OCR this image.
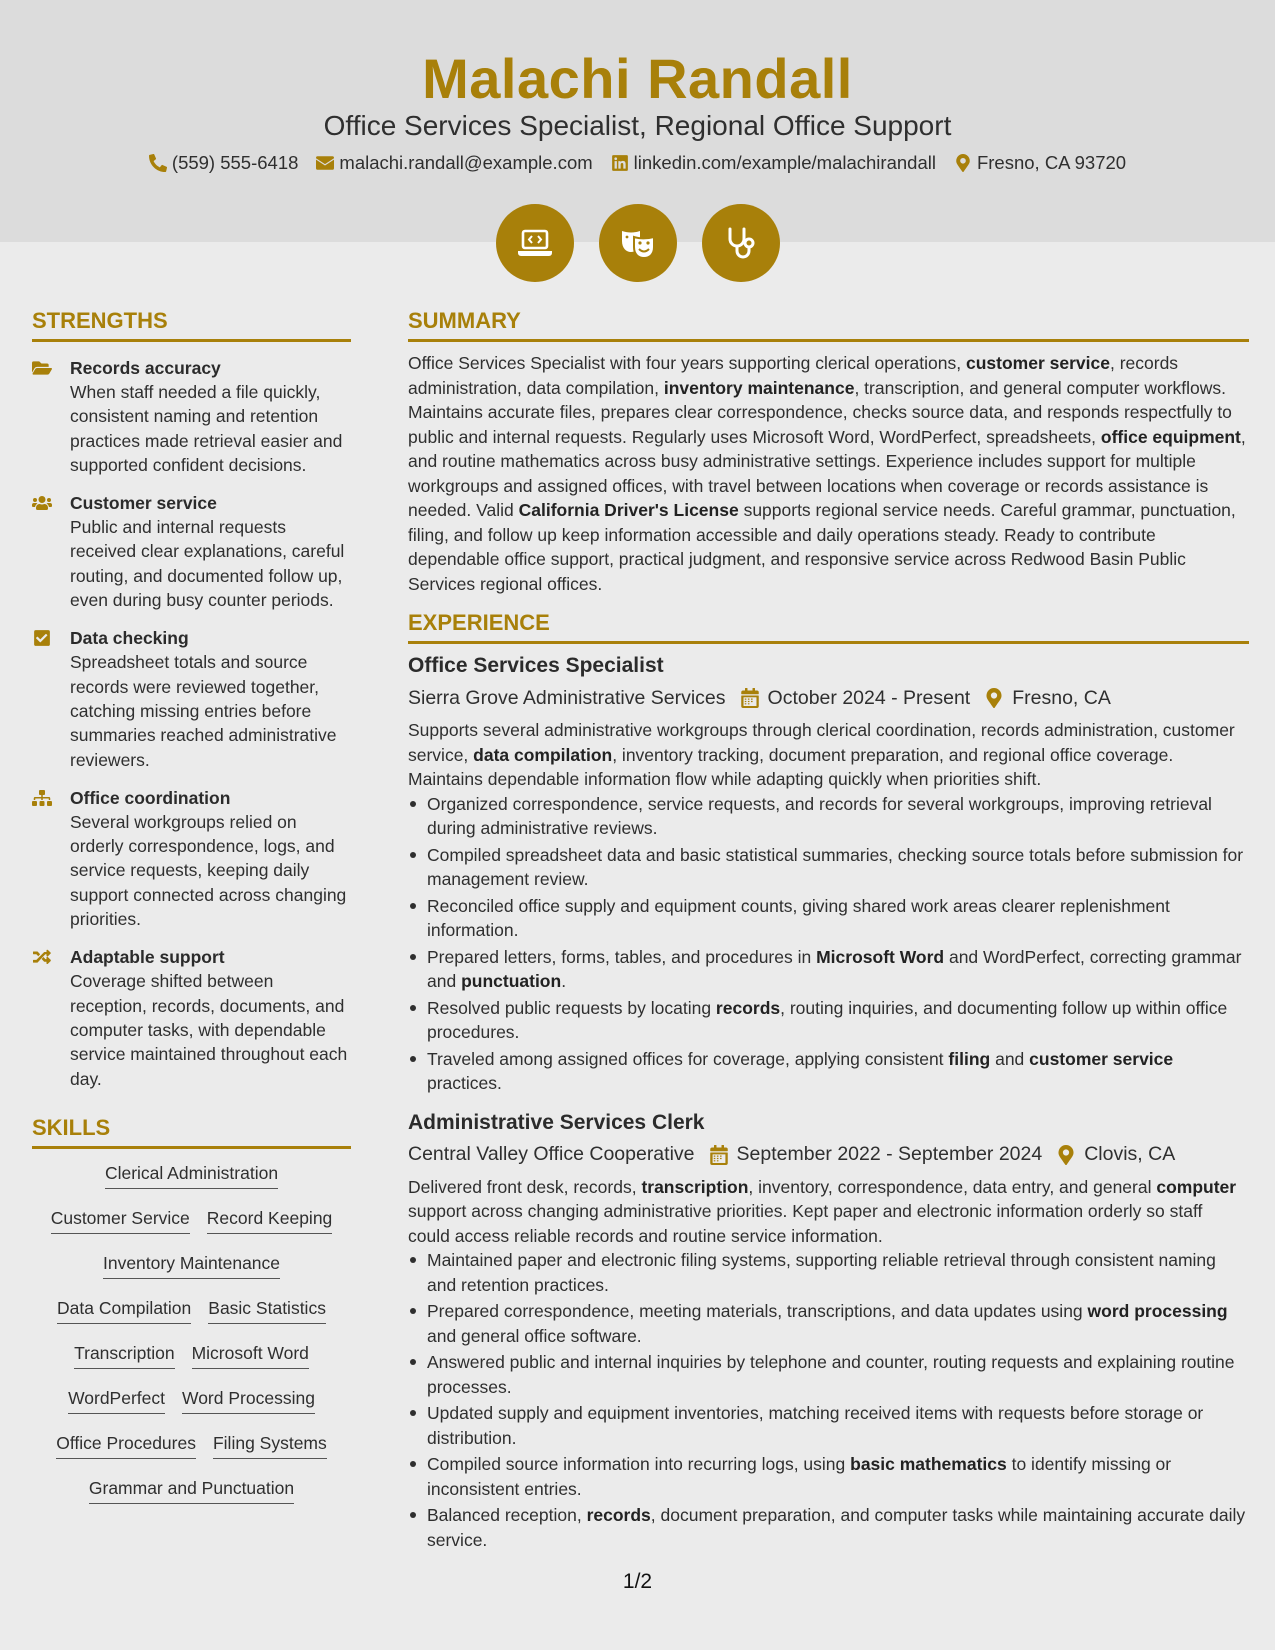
Malachi Randall
Office Services Specialist, Regional Office Support
(559) 555-6418 malachi.randall@example.com linkedin.com/example/malachirandall Fresno, CA 93720
STRENGTHS
Records accuracy
When staff needed a file quickly, consistent naming and retention practices made retrieval easier and supported confident decisions.
Customer service
Public and internal requests received clear explanations, careful routing, and documented follow up, even during busy counter periods.
Data checking
Spreadsheet totals and source records were reviewed together, catching missing entries before summaries reached administrative reviewers.
Office coordination
Several workgroups relied on orderly correspondence, logs, and service requests, keeping daily support connected across changing priorities.
Adaptable support
Coverage shifted between reception, records, documents, and computer tasks, with dependable service maintained throughout each day.
SKILLS
Clerical Administration
Customer Service Record Keeping
Inventory Maintenance
Data Compilation Basic Statistics
Transcription Microsoft Word
WordPerfect Word Processing
Office Procedures Filing Systems
Grammar and Punctuation
SUMMARY
Office Services Specialist with four years supporting clerical operations, customer service, records administration, data compilation, inventory maintenance, transcription, and general computer workflows. Maintains accurate files, prepares clear correspondence, checks source data, and responds respectfully to public and internal requests. Regularly uses Microsoft Word, WordPerfect, spreadsheets, office equipment, and routine mathematics across busy administrative settings. Experience includes support for multiple workgroups and assigned offices, with travel between locations when coverage or records assistance is needed. Valid California Driver's License supports regional service needs. Careful grammar, punctuation, filing, and follow up keep information accessible and daily operations steady. Ready to contribute dependable office support, practical judgment, and responsive service across Redwood Basin Public Services regional offices.
EXPERIENCE
Office Services Specialist
Sierra Grove Administrative Services October 2024 - Present Fresno, CA
Supports several administrative workgroups through clerical coordination, records administration, customer service, data compilation, inventory tracking, document preparation, and regional office coverage. Maintains dependable information flow while adapting quickly when priorities shift.
Organized correspondence, service requests, and records for several workgroups, improving retrieval during administrative reviews.
Compiled spreadsheet data and basic statistical summaries, checking source totals before submission for management review.
Reconciled office supply and equipment counts, giving shared work areas clearer replenishment information.
Prepared letters, forms, tables, and procedures in Microsoft Word and WordPerfect, correcting grammar and punctuation.
Resolved public requests by locating records, routing inquiries, and documenting follow up within office procedures.
Traveled among assigned offices for coverage, applying consistent filing and customer service practices.
Administrative Services Clerk
Central Valley Office Cooperative September 2022 - September 2024 Clovis, CA
Delivered front desk, records, transcription, inventory, correspondence, data entry, and general computer support across changing administrative priorities. Kept paper and electronic information orderly so staff could access reliable records and routine service information.
Maintained paper and electronic filing systems, supporting reliable retrieval through consistent naming and retention practices.
Prepared correspondence, meeting materials, transcriptions, and data updates using word processing and general office software.
Answered public and internal inquiries by telephone and counter, routing requests and explaining routine processes.
Updated supply and equipment inventories, matching received items with requests before storage or distribution.
Compiled source information into recurring logs, using basic mathematics to identify missing or inconsistent entries.
Balanced reception, records, document preparation, and computer tasks while maintaining accurate daily service.
1/2
